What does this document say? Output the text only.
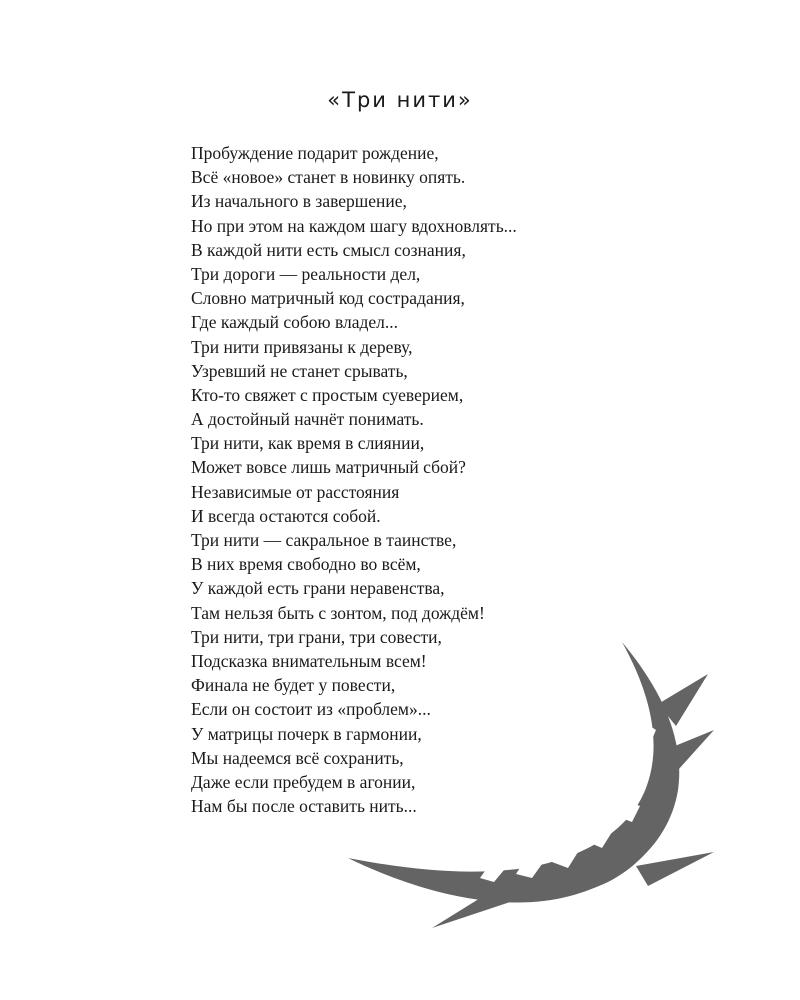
«Три нити»
Пробуждение подарит рождение,
Всё «новое» станет в новинку опять.
Из начального в завершение,
Но при этом на каждом шагу вдохновлять...
В каждой нити есть смысл сознания,
Три дороги — реальности дел,
Словно матричный код сострадания,
Где каждый собою владел...
Три нити привязаны к дереву,
Узревший не станет срывать,
Кто-то свяжет с простым суеверием,
А достойный начнёт понимать.
Три нити, как время в слиянии,
Может вовсе лишь матричный сбой?
Независимые от расстояния
И всегда остаются собой.
Три нити — сакральное в таинстве,
В них время свободно во всём,
У каждой есть грани неравенства,
Там нельзя быть с зонтом, под дождём!
Три нити, три грани, три совести,
Подсказка внимательным всем!
Финала не будет у повести,
Если он состоит из «проблем»...
У матрицы почерк в гармонии,
Мы надеемся всё сохранить,
Даже если пребудем в агонии,
Нам бы после оставить нить...
